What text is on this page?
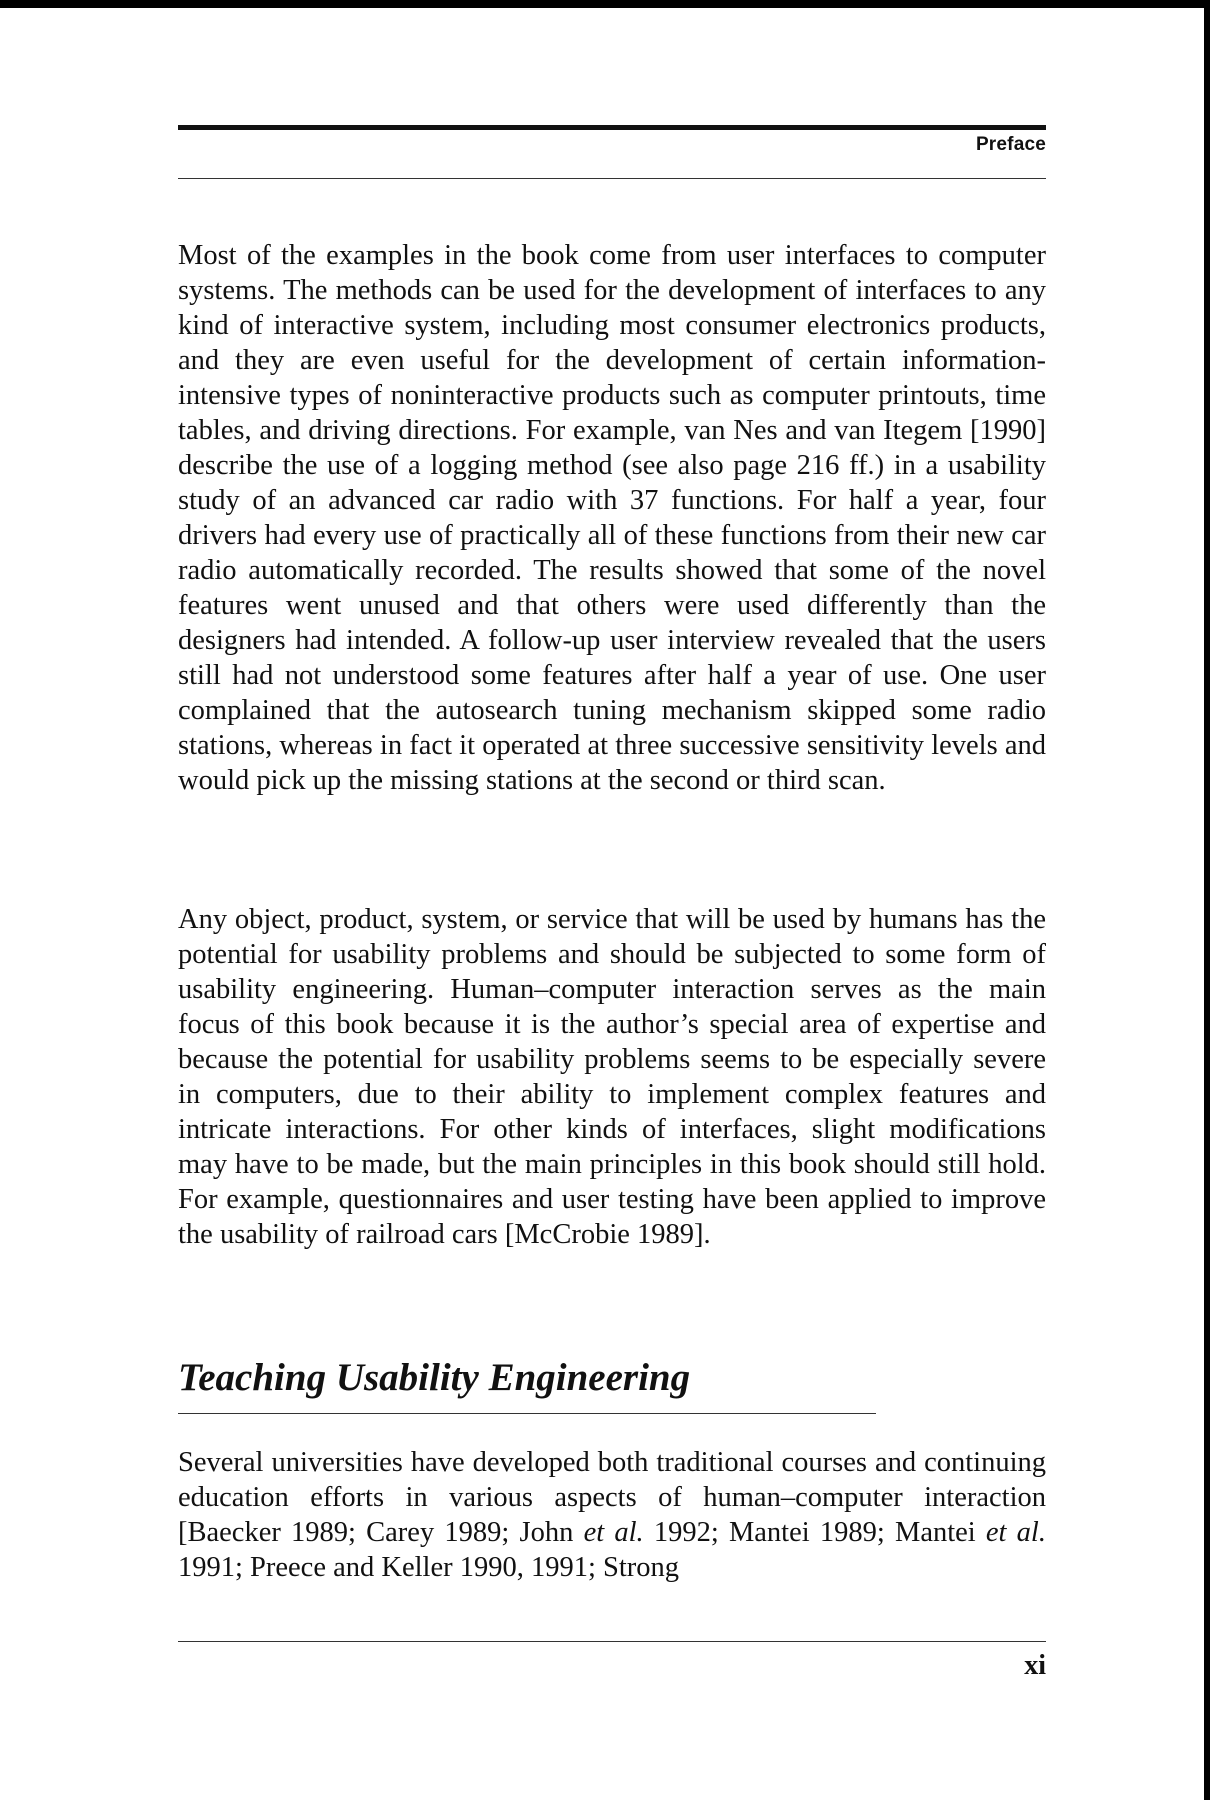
Preface

Most of the examples in the book come from user interfaces to computer systems. The methods can be used for the development of interfaces to any kind of interactive system, including most consumer electronics products, and they are even useful for the development of certain information-intensive types of noninteractive products such as computer printouts, time tables, and driving directions. For example, van Nes and van Itegem [1990] describe the use of a logging method (see also page 216 ff.) in a usability study of an advanced car radio with 37 functions. For half a year, four drivers had every use of practically all of these functions from their new car radio automatically recorded. The results showed that some of the novel features went unused and that others were used differently than the designers had intended. A follow-up user interview revealed that the users still had not understood some features after half a year of use. One user complained that the autosearch tuning mechanism skipped some radio stations, whereas in fact it operated at three successive sensitivity levels and would pick up the missing stations at the second or third scan.

Any object, product, system, or service that will be used by humans has the potential for usability problems and should be subjected to some form of usability engineering. Human–computer interaction serves as the main focus of this book because it is the author’s special area of expertise and because the potential for usability problems seems to be especially severe in computers, due to their ability to implement complex features and intricate interactions. For other kinds of interfaces, slight modifications may have to be made, but the main principles in this book should still hold. For example, questionnaires and user testing have been applied to improve the usability of railroad cars [McCrobie 1989].

Teaching Usability Engineering

Several universities have developed both traditional courses and continuing education efforts in various aspects of human–computer interaction [Baecker 1989; Carey 1989; John et al. 1992; Mantei 1989; Mantei et al. 1991; Preece and Keller 1990, 1991; Strong

xi
